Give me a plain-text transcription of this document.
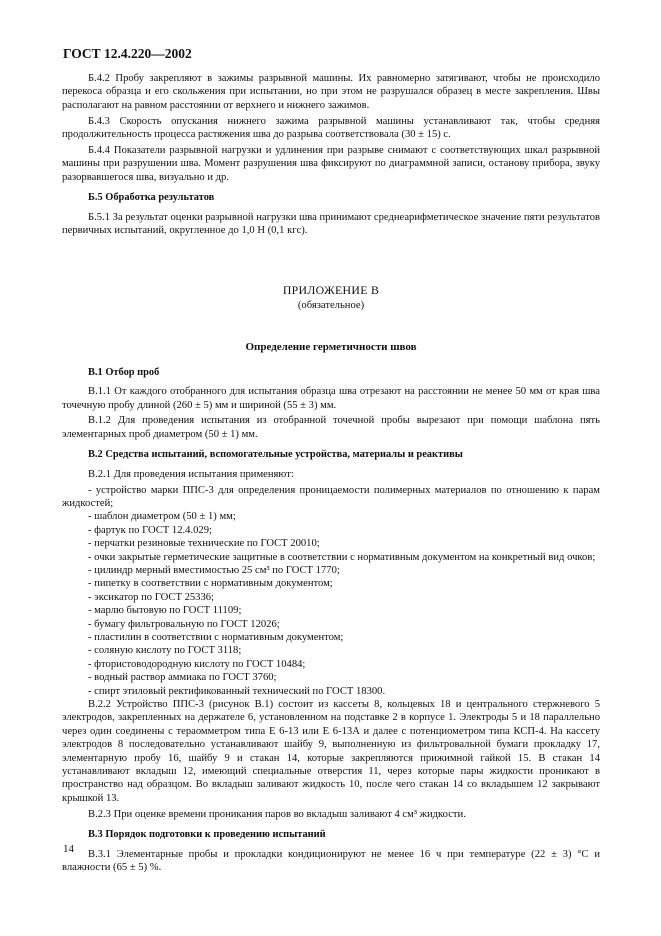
ГОСТ 12.4.220—2002

Б.4.2 Пробу закрепляют в зажимы разрывной машины. Их равномерно затягивают, чтобы не происходило перекоса образца и его скольжения при испытании, но при этом не разрушался образец в месте закрепления. Швы располагают на равном расстоянии от верхнего и нижнего зажимов.

Б.4.3 Скорость опускания нижнего зажима разрывной машины устанавливают так, чтобы средняя продолжительность процесса растяжения шва до разрыва соответствовала (30 ± 15) с.

Б.4.4 Показатели разрывной нагрузки и удлинения при разрыве снимают с соответствующих шкал разрывной машины при разрушении шва. Момент разрушения шва фиксируют по диаграммной записи, останову прибора, звуку разорвавшегося шва, визуально и др.

Б.5 Обработка результатов

Б.5.1 За результат оценки разрывной нагрузки шва принимают среднеарифметическое значение пяти результатов первичных испытаний, округленное до 1,0 Н (0,1 кгс).

ПРИЛОЖЕНИЕ В
(обязательное)
Определение герметичности швов

В.1 Отбор проб

В.1.1 От каждого отобранного для испытания образца шва отрезают на расстоянии не менее 50 мм от края шва точечную пробу длиной (260 ± 5) мм и шириной (55 ± 3) мм.

В.1.2 Для проведения испытания из отобранной точечной пробы вырезают при помощи шаблона пять элементарных проб диаметром (50 ± 1) мм.

В.2 Средства испытаний, вспомогательные устройства, материалы и реактивы

В.2.1 Для проведения испытания применяют:

- устройство марки ППС-3 для определения проницаемости полимерных материалов по отношению к парам жидкостей;

- шаблон диаметром (50 ± 1) мм;

- фартук по ГОСТ 12.4.029;

- перчатки резиновые технические по ГОСТ 20010;

- очки закрытые герметические защитные в соответствии с нормативным документом на конкретный вид очков;

- цилиндр мерный вместимостью 25 см³ по ГОСТ 1770;

- пипетку в соответствии с нормативным документом;

- эксикатор по ГОСТ 25336;

- марлю бытовую по ГОСТ 11109;

- бумагу фильтровальную по ГОСТ 12026;

- пластилин в соответствии с нормативным документом;

- соляную кислоту по ГОСТ 3118;

- фтористоводородную кислоту по ГОСТ 10484;

- водный раствор аммиака по ГОСТ 3760;

- спирт этиловый ректификованный технический по ГОСТ 18300.

В.2.2 Устройство ППС-3 (рисунок В.1) состоит из кассеты 8, кольцевых 18 и центрального стержневого 5 электродов, закрепленных на держателе 6, установленном на подставке 2 в корпусе 1. Электроды 5 и 18 параллельно через один соединены с тераомметром типа Е 6-13 или Е 6-13А и далее с потенциометром типа КСП-4. На кассету электродов 8 последовательно устанавливают шайбу 9, выполненную из фильтровальной бумаги прокладку 17, элементарную пробу 16, шайбу 9 и стакан 14, которые закрепляются прижимной гайкой 15. В стакан 14 устанавливают вкладыш 12, имеющий специальные отверстия 11, через которые пары жидкости проникают в пространство над образцом. Во вкладыш заливают жидкость 10, после чего стакан 14 со вкладышем 12 закрывают крышкой 13.

В.2.3 При оценке времени проникания паров во вкладыш заливают 4 см³ жидкости.

В.3 Порядок подготовки к проведению испытаний

В.3.1 Элементарные пробы и прокладки кондиционируют не менее 16 ч при температуре (22 ± 3) °С и влажности (65 ± 5) %.

14
